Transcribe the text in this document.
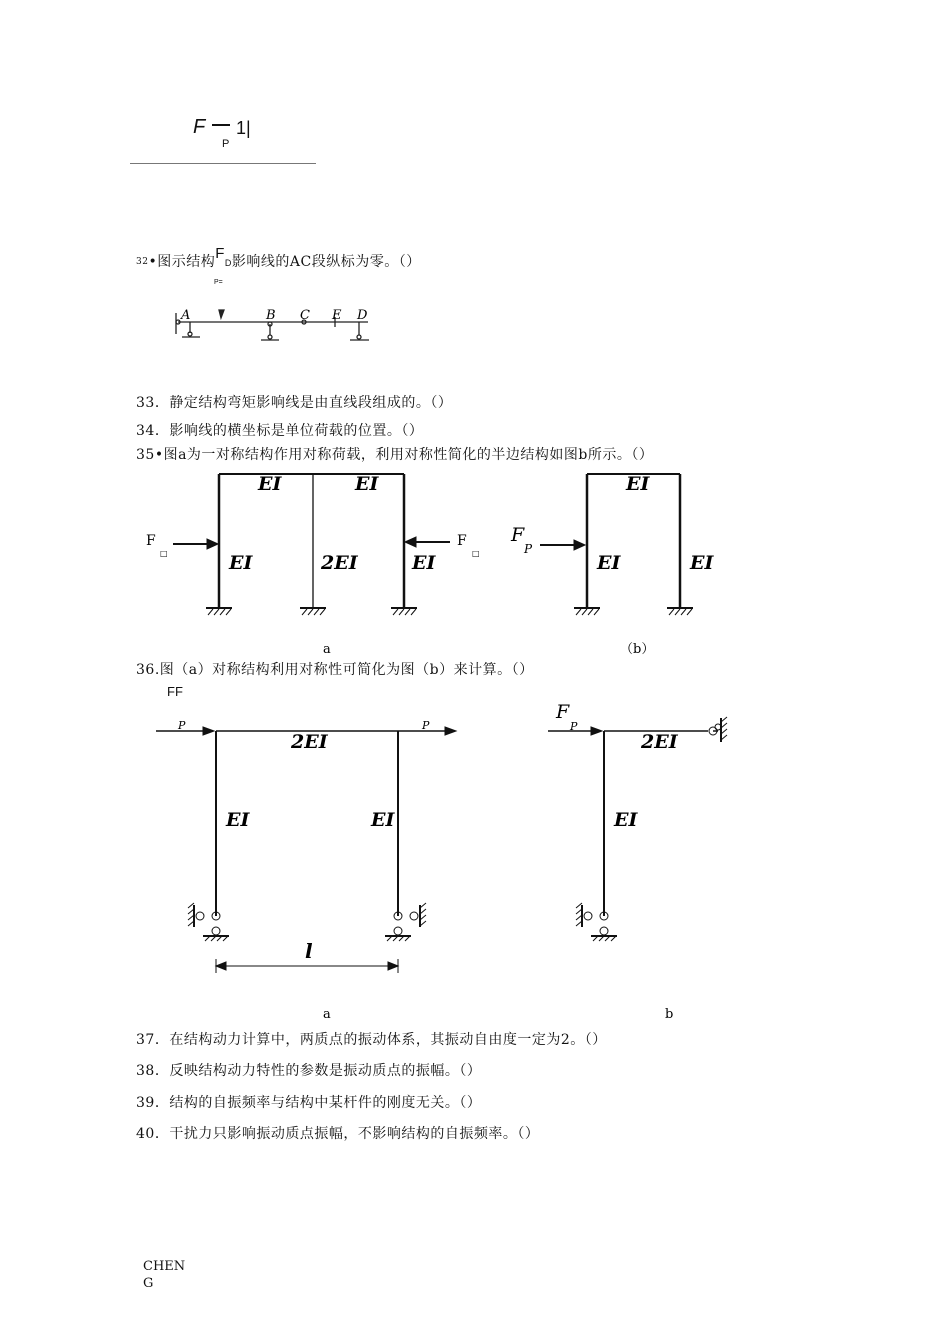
F
P
1|
$^{32}$•图示结构FD影响线的AC段纵标为零。（）
P=
A	B C E D
EI	EI
EI	2EI	EI
F
□
F
□
a
EI
EI	EI
F
P
（b）
P	P
2EI
EI	EI
l
a
F
P
2EI
EI
b
33．静定结构弯矩影响线是由直线段组成的。（）
34．影响线的横坐标是单位荷载的位置。（）
35•图a为一对称结构作用对称荷载，利用对称性简化的半边结构如图b所示。（）
36.图（a）对称结构利用对称性可简化为图（b）来计算。（）
FF
37．在结构动力计算中，两质点的振动体系，其振动自由度一定为2。（）
38．反映结构动力特性的参数是振动质点的振幅。（）
39．结构的自振频率与结构中某杆件的刚度无关。（）
40．干扰力只影响振动质点振幅，不影响结构的自振频率。（）
CHEN
G
